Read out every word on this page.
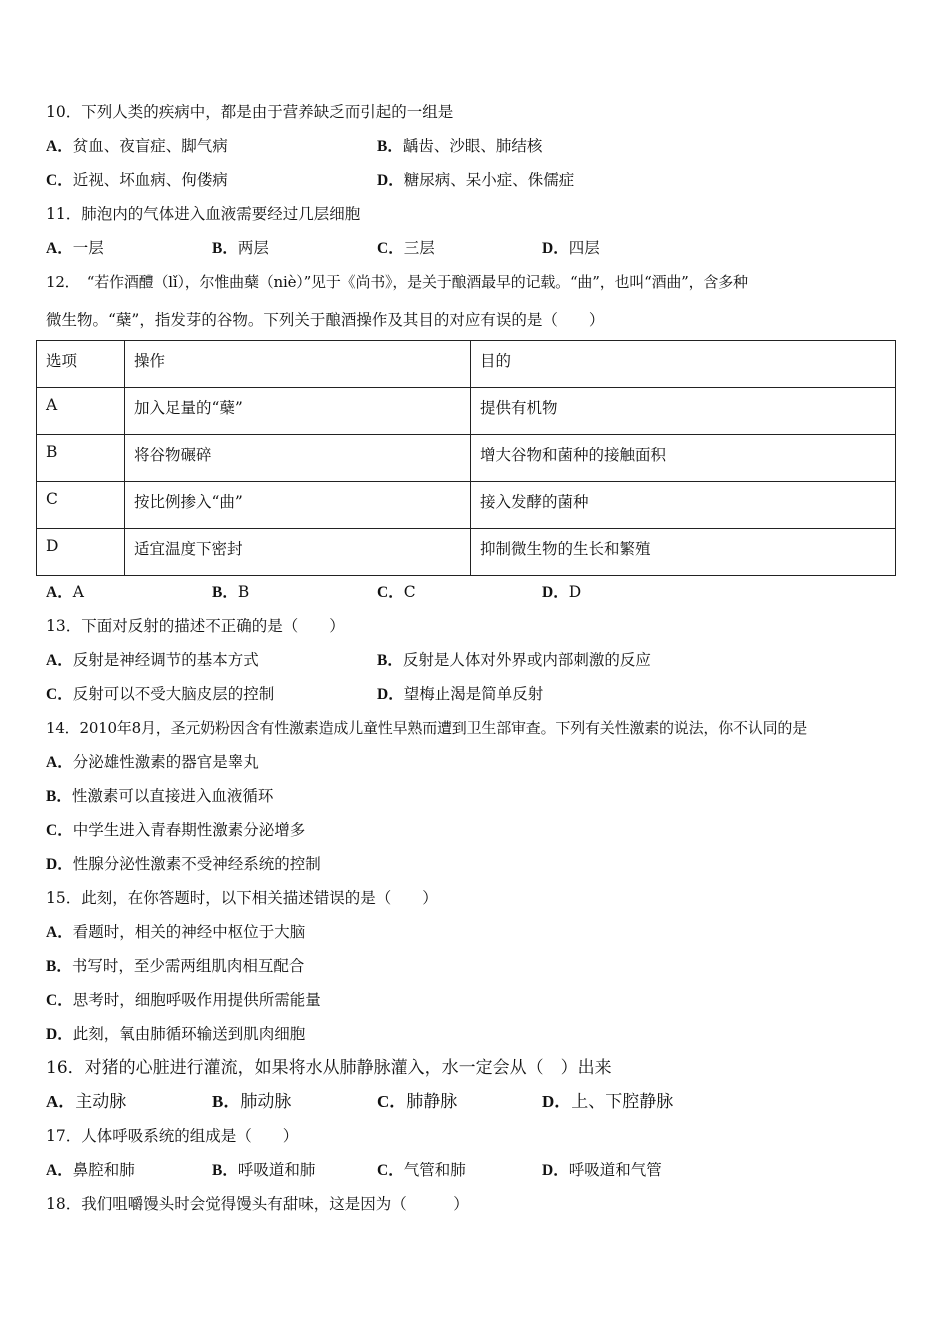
10．下列人类的疾病中，都是由于营养缺乏而引起的一组是
A．贫血、夜盲症、脚气病	B．龋齿、沙眼、肺结核
C．近视、坏血病、佝偻病	D．糖尿病、呆小症、侏儒症
11．肺泡内的气体进入血液需要经过几层细胞
A．一层	B．两层	C．三层	D．四层
12．　“若作酒醴（lǐ），尔惟曲蘖（niè）”见于《尚书》，是关于酿酒最早的记载。“曲”，也叫“酒曲”，含多种
微生物。“蘖”，指发芽的谷物。下列关于酿酒操作及其目的对应有误的是（　　）
选项	操作	目的
A	加入足量的“蘖”	提供有机物
B	将谷物碾碎	增大谷物和菌种的接触面积
C	按比例掺入“曲”	接入发酵的菌种
D	适宜温度下密封	抑制微生物的生长和繁殖
A．A	B．B	C．C	D．D
13．下面对反射的描述不正确的是（　　）
A．反射是神经调节的基本方式	B．反射是人体对外界或内部刺激的反应
C．反射可以不受大脑皮层的控制	D．望梅止渴是简单反射
14．2010年8月，圣元奶粉因含有性激素造成儿童性早熟而遭到卫生部审查。下列有关性激素的说法，你不认同的是
A．分泌雄性激素的器官是睾丸
B．性激素可以直接进入血液循环
C．中学生进入青春期性激素分泌增多
D．性腺分泌性激素不受神经系统的控制
15．此刻，在你答题时，以下相关描述错误的是（　　）
A．看题时，相关的神经中枢位于大脑
B．书写时，至少需两组肌肉相互配合
C．思考时，细胞呼吸作用提供所需能量
D．此刻，氧由肺循环输送到肌肉细胞
16．对猪的心脏进行灌流，如果将水从肺静脉灌入，水一定会从（　）出来
A．主动脉	B．肺动脉	C．肺静脉	D．上、下腔静脉
17．人体呼吸系统的组成是（　　）
A．鼻腔和肺	B．呼吸道和肺	C．气管和肺	D．呼吸道和气管
18．我们咀嚼馒头时会觉得馒头有甜味，这是因为（　　　）
